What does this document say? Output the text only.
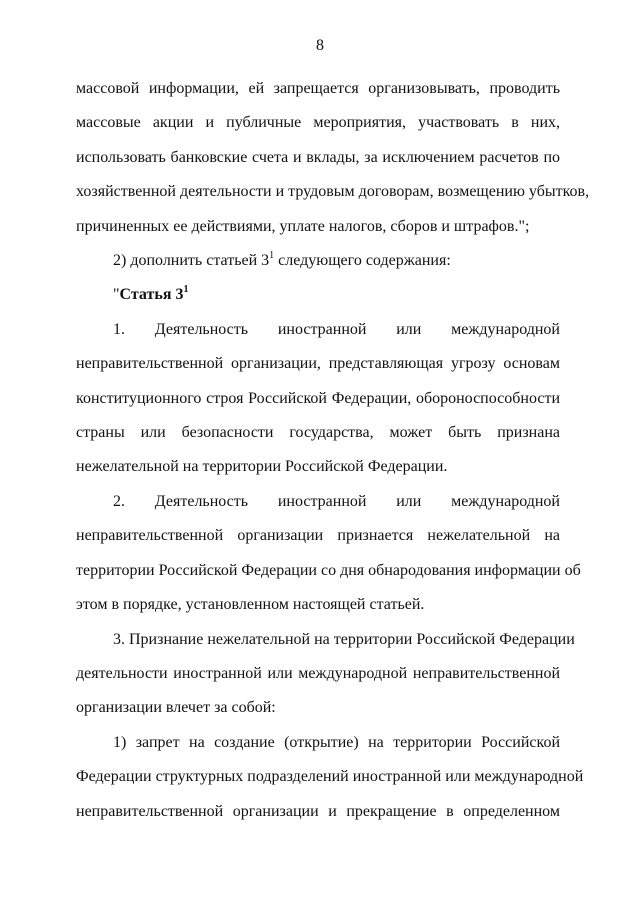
8
массовой информации, ей запрещается организовывать, проводить
массовые акции и публичные мероприятия, участвовать в них,
использовать банковские счета и вклады, за исключением расчетов по
хозяйственной деятельности и трудовым договорам, возмещению убытков,
причиненных ее действиями, уплате налогов, сборов и штрафов.";
2) дополнить статьей $3^1$ следующего содержания:
"Статья $3^1$
1. Деятельность иностранной или международной
неправительственной организации, представляющая угрозу основам
конституционного строя Российской Федерации, обороноспособности
страны или безопасности государства, может быть признана
нежелательной на территории Российской Федерации.
2. Деятельность иностранной или международной
неправительственной организации признается нежелательной на
территории Российской Федерации со дня обнародования информации об
этом в порядке, установленном настоящей статьей.
3. Признание нежелательной на территории Российской Федерации
деятельности иностранной или международной неправительственной
организации влечет за собой:
1) запрет на создание (открытие) на территории Российской
Федерации структурных подразделений иностранной или международной
неправительственной организации и прекращение в определенном
